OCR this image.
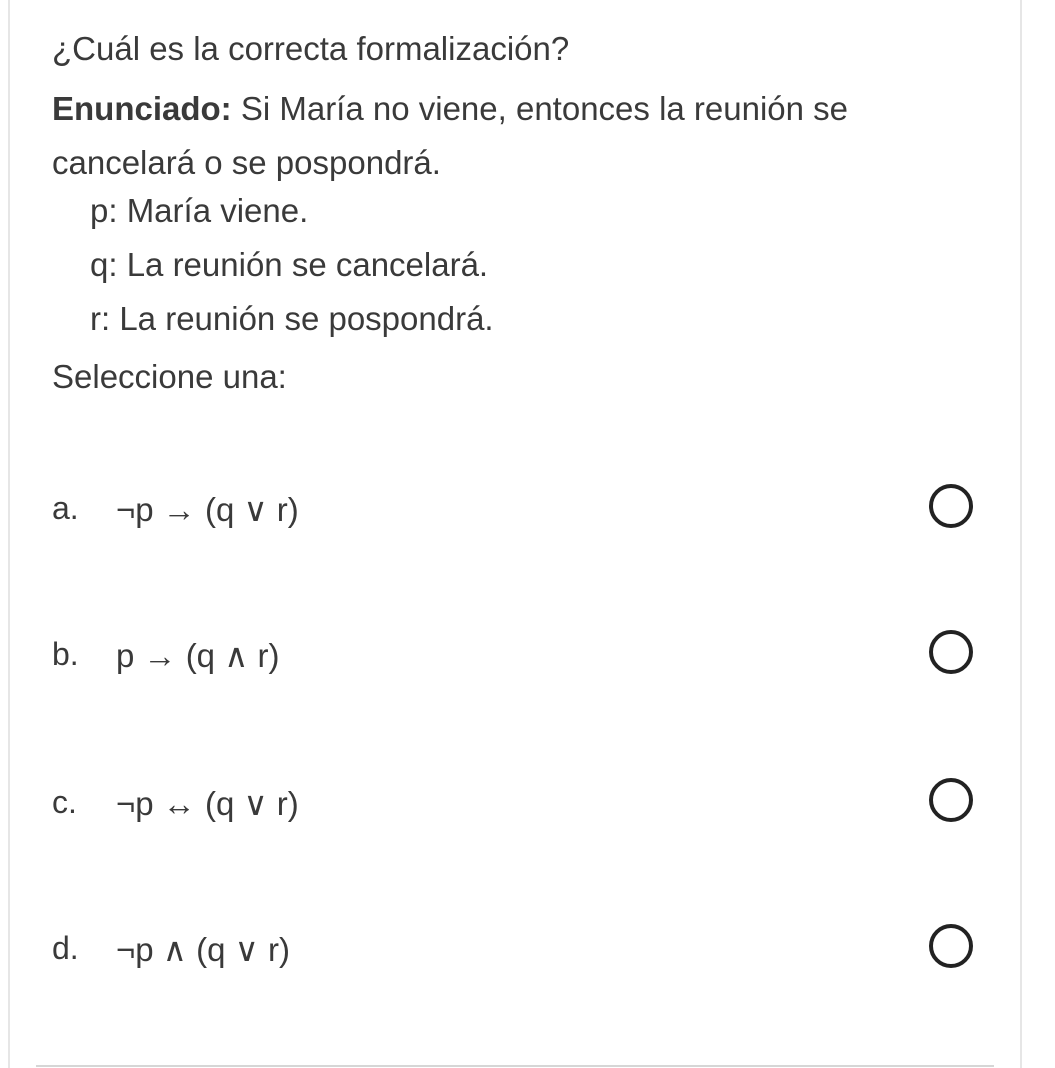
¿Cuál es la correcta formalización?
Enunciado: Si María no viene, entonces la reunión se cancelará o se pospondrá.
p: María viene.
q: La reunión se cancelará.
r: La reunión se pospondrá.
Seleccione una:
a. ¬p → (q ∨ r)
b. p → (q ∧ r)
c. ¬p ↔ (q ∨ r)
d. ¬p ∧ (q ∨ r)
